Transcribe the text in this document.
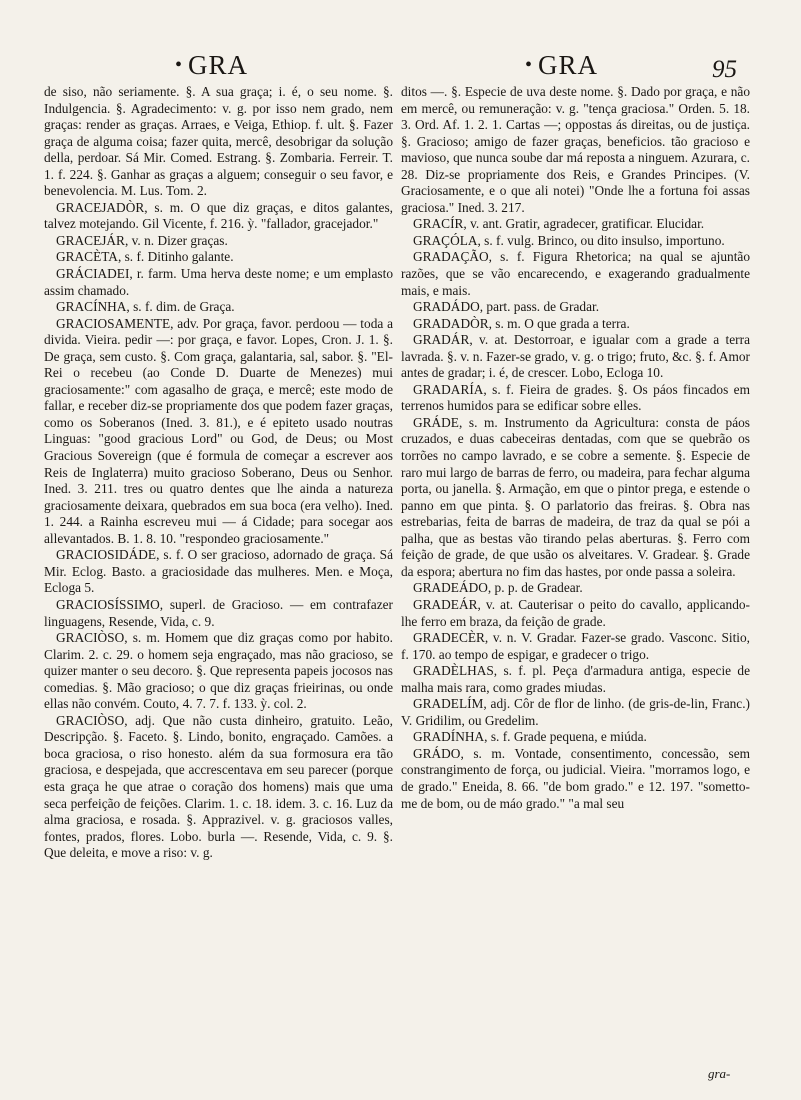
• GRA	• GRA	95

de siso, não seriamente. §. A sua graça; i. é, o seu nome. §. Indulgencia. §. Agradecimento: v. g. por isso nem grado, nem graças: render as graças. Arraes, e Veiga, Ethiop. f. ult. §. Fazer graça de alguma coisa; fazer quita, mercê, desobrigar da solução della, perdoar. Sá Mir. Comed. Estrang. §. Zombaria. Ferreir. T. 1. f. 224. §. Ganhar as graças a alguem; conseguir o seu favor, e benevolencia. M. Lus. Tom. 2.

GRACEJADÒR, s. m. O que diz graças, e ditos galantes, talvez motejando. Gil Vicente, f. 216. ỳ. "fallador, gracejador."

GRACEJÁR, v. n. Dizer graças.

GRACÈTA, s. f. Ditinho galante.

GRÁCIADEI, r. farm. Uma herva deste nome; e um emplasto assim chamado.

GRACÍNHA, s. f. dim. de Graça.

GRACIOSAMENTE, adv. Por graça, favor. perdoou — toda a divida. Vieira. pedir —: por graça, e favor. Lopes, Cron. J. 1. §. De graça, sem custo. §. Com graça, galantaria, sal, sabor. §. "El-Rei o recebeu (ao Conde D. Duarte de Menezes) mui graciosamente:" com agasalho de graça, e mercê; este modo de fallar, e receber diz-se propriamente dos que podem fazer graças, como os Soberanos (Ined. 3. 81.), e é epiteto usado noutras Linguas: "good gracious Lord" ou God, de Deus; ou Most Gracious Sovereign (que é formula de começar a escrever aos Reis de Inglaterra) muito gracioso Soberano, Deus ou Senhor. Ined. 3. 211. tres ou quatro dentes que lhe ainda a natureza graciosamente deixara, quebrados em sua boca (era velho). Ined. 1. 244. a Rainha escreveu mui — á Cidade; para socegar aos allevantados. B. 1. 8. 10. "respondeo graciosamente."

GRACIOSIDÁDE, s. f. O ser gracioso, adornado de graça. Sá Mir. Eclog. Basto. a graciosidade das mulheres. Men. e Moça, Ecloga 5.

GRACIOSÍSSIMO, superl. de Gracioso. — em contrafazer linguagens, Resende, Vida, c. 9.

GRACIÒSO, s. m. Homem que diz graças como por habito. Clarim. 2. c. 29. o homem seja engraçado, mas não gracioso, se quizer manter o seu decoro. §. Que representa papeis jocosos nas comedias. §. Mão gracioso; o que diz graças frieirinas, ou onde ellas não convém. Couto, 4. 7. 7. f. 133. ỳ. col. 2.

GRACIÒSO, adj. Que não custa dinheiro, gratuito. Leão, Descripção. §. Faceto. §. Lindo, bonito, engraçado. Camões. a boca graciosa, o riso honesto. além da sua formosura era tão graciosa, e despejada, que accrescentava em seu parecer (porque esta graça he que atrae o coração dos homens) mais que uma seca perfeição de feições. Clarim. 1. c. 18. idem. 3. c. 16. Luz da alma graciosa, e rosada. §. Apprazivel. v. g. graciosos valles, fontes, prados, flores. Lobo. burla —. Resende, Vida, c. 9. §. Que deleita, e move a riso: v. g.

ditos —. §. Especie de uva deste nome. §. Dado por graça, e não em mercê, ou remuneração: v. g. "tença graciosa." Orden. 5. 18. 3. Ord. Af. 1. 2. 1. Cartas —; oppostas ás direitas, ou de justiça. §. Gracioso; amigo de fazer graças, beneficios. tão gracioso e mavioso, que nunca soube dar má reposta a ninguem. Azurara, c. 28. Diz-se propriamente dos Reis, e Grandes Principes. (V. Graciosamente, e o que ali notei) "Onde lhe a fortuna foi assas graciosa." Ined. 3. 217.

GRACÍR, v. ant. Gratir, agradecer, gratificar. Elucidar.

GRAÇÓLA, s. f. vulg. Brinco, ou dito insulso, importuno.

GRADAÇÃO, s. f. Figura Rhetorica; na qual se ajuntão razões, que se vão encarecendo, e exagerando gradualmente mais, e mais.

GRADÁDO, part. pass. de Gradar.

GRADADÒR, s. m. O que grada a terra.

GRADÁR, v. at. Destorroar, e igualar com a grade a terra lavrada. §. v. n. Fazer-se grado, v. g. o trigo; fruto, &c. §. f. Amor antes de gradar; i. é, de crescer. Lobo, Ecloga 10.

GRADARÍA, s. f. Fieira de grades. §. Os páos fincados em terrenos humidos para se edificar sobre elles.

GRÁDE, s. m. Instrumento da Agricultura: consta de páos cruzados, e duas cabeceiras dentadas, com que se quebrão os torrões no campo lavrado, e se cobre a semente. §. Especie de raro mui largo de barras de ferro, ou madeira, para fechar alguma porta, ou janella. §. Armação, em que o pintor prega, e estende o panno em que pinta. §. O parlatorio das freiras. §. Obra nas estrebarias, feita de barras de madeira, de traz da qual se pói a palha, que as bestas vão tirando pelas aberturas. §. Ferro com feição de grade, de que usão os alveitares. V. Gradear. §. Grade da espora; abertura no fim das hastes, por onde passa a soleira.

GRADEÁDO, p. p. de Gradear.

GRADEÁR, v. at. Cauterisar o peito do cavallo, applicando-lhe ferro em braza, da feição de grade.

GRADECÈR, v. n. V. Gradar. Fazer-se grado. Vasconc. Sitio, f. 170. ao tempo de espigar, e gradecer o trigo.

GRADÈLHAS, s. f. pl. Peça d'armadura antiga, especie de malha mais rara, como grades miudas.

GRADELÍM, adj. Côr de flor de linho. (de gris-de-lin, Franc.) V. Gridilim, ou Gredelim.

GRADÍNHA, s. f. Grade pequena, e miúda.

GRÁDO, s. m. Vontade, consentimento, concessão, sem constrangimento de força, ou judicial. Vieira. "morramos logo, e de grado." Eneida, 8. 66. "de bom grado." e 12. 197. "sometto-me de bom, ou de máo grado." "a mal seu

gra-
